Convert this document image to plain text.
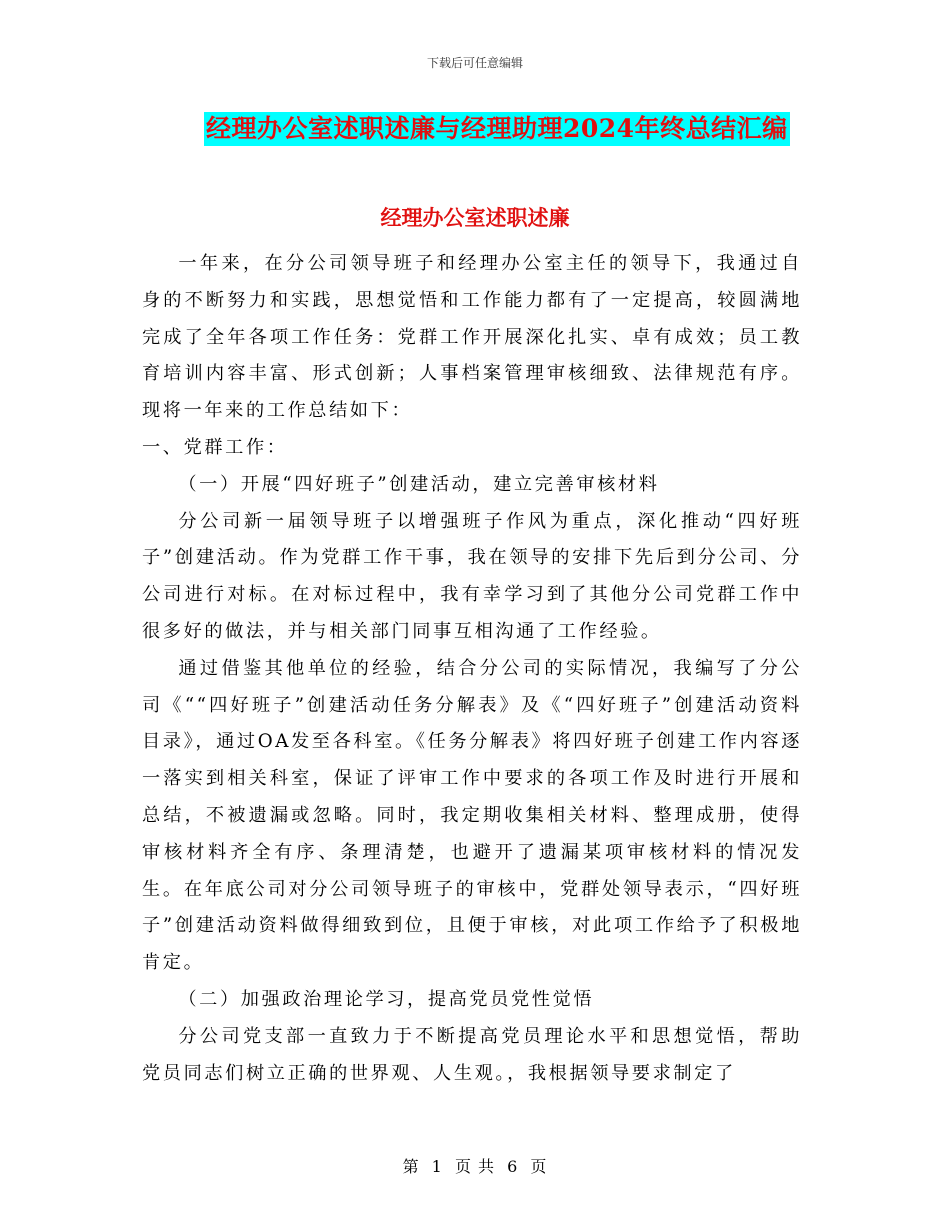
下载后可任意编辑
经理办公室述职述廉与经理助理2024年终总结汇编
经理办公室述职述廉

一年来，在分公司领导班子和经理办公室主任的领导下，我通过自身的不断努力和实践，思想觉悟和工作能力都有了一定提高，较圆满地完成了全年各项工作任务：党群工作开展深化扎实、卓有成效；员工教育培训内容丰富、形式创新；人事档案管理审核细致、法律规范有序。现将一年来的工作总结如下：

一、党群工作：

（一）开展“四好班子”创建活动，建立完善审核材料

分公司新一届领导班子以增强班子作风为重点，深化推动“四好班子”创建活动。作为党群工作干事，我在领导的安排下先后到分公司、分公司进行对标。在对标过程中，我有幸学习到了其他分公司党群工作中很多好的做法，并与相关部门同事互相沟通了工作经验。

通过借鉴其他单位的经验，结合分公司的实际情况，我编写了分公司《““四好班子”创建活动任务分解表》及《“四好班子”创建活动资料目录》，通过OA发至各科室。《任务分解表》将四好班子创建工作内容逐一落实到相关科室，保证了评审工作中要求的各项工作及时进行开展和总结，不被遗漏或忽略。同时，我定期收集相关材料、整理成册，使得审核材料齐全有序、条理清楚，也避开了遗漏某项审核材料的情况发生。在年底公司对分公司领导班子的审核中，党群处领导表示，“四好班子”创建活动资料做得细致到位，且便于审核，对此项工作给予了积极地肯定。

（二）加强政治理论学习，提高党员党性觉悟

分公司党支部一直致力于不断提高党员理论水平和思想觉悟，帮助党员同志们树立正确的世界观、人生观。，我根据领导要求制定了

第 1 页 共 6 页
